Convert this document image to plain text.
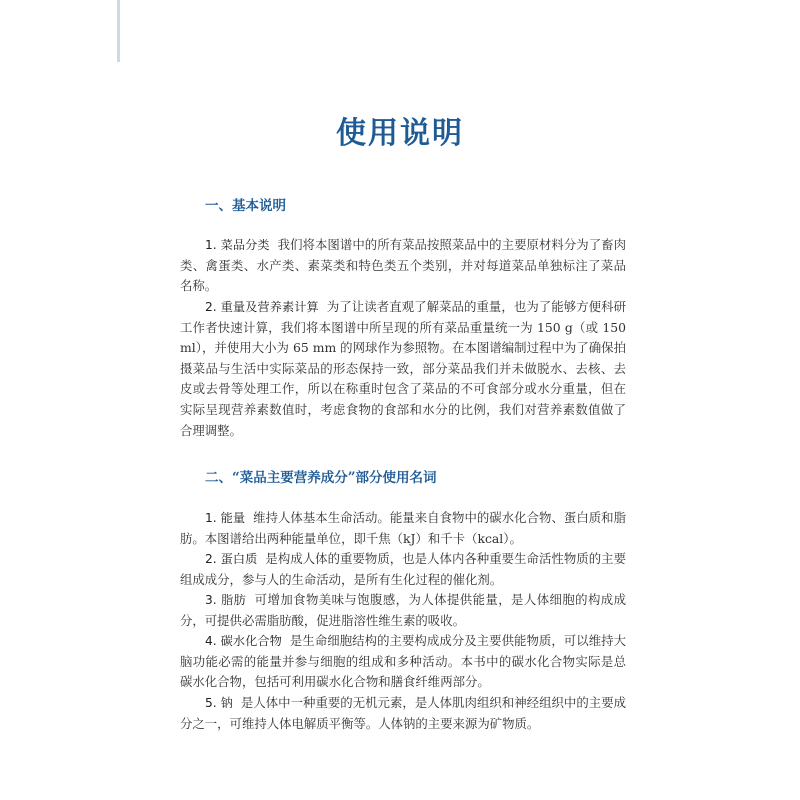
使用说明
一、基本说明

1. 菜品分类 我们将本图谱中的所有菜品按照菜品中的主要原材料分为了畜肉类、禽蛋类、水产类、素菜类和特色类五个类别，并对每道菜品单独标注了菜品名称。

2. 重量及营养素计算 为了让读者直观了解菜品的重量，也为了能够方便科研工作者快速计算，我们将本图谱中所呈现的所有菜品重量统一为 150 g（或 150 ml），并使用大小为 65 mm 的网球作为参照物。在本图谱编制过程中为了确保拍摄菜品与生活中实际菜品的形态保持一致，部分菜品我们并未做脱水、去核、去皮或去骨等处理工作，所以在称重时包含了菜品的不可食部分或水分重量，但在实际呈现营养素数值时，考虑食物的食部和水分的比例，我们对营养素数值做了合理调整。

二、“菜品主要营养成分”部分使用名词

1. 能量 维持人体基本生命活动。能量来自食物中的碳水化合物、蛋白质和脂肪。本图谱给出两种能量单位，即千焦（kJ）和千卡（kcal）。

2. 蛋白质 是构成人体的重要物质，也是人体内各种重要生命活性物质的主要组成成分，参与人的生命活动，是所有生化过程的催化剂。

3. 脂肪 可增加食物美味与饱腹感，为人体提供能量，是人体细胞的构成成分，可提供必需脂肪酸，促进脂溶性维生素的吸收。

4. 碳水化合物 是生命细胞结构的主要构成成分及主要供能物质，可以维持大脑功能必需的能量并参与细胞的组成和多种活动。本书中的碳水化合物实际是总碳水化合物，包括可利用碳水化合物和膳食纤维两部分。

5. 钠 是人体中一种重要的无机元素，是人体肌肉组织和神经组织中的主要成分之一，可维持人体电解质平衡等。人体钠的主要来源为矿物质。
